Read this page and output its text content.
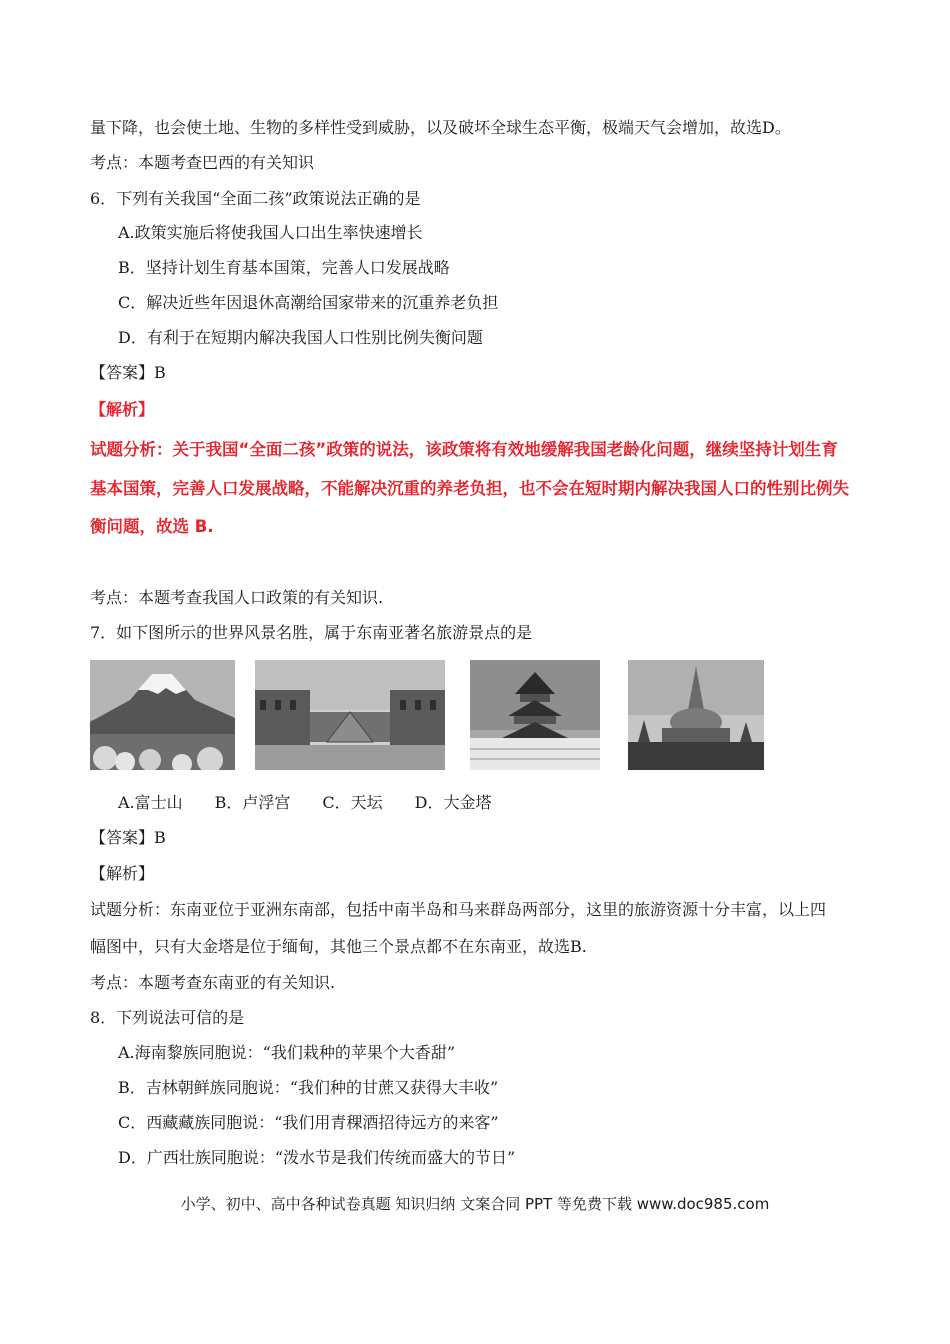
量下降，也会使土地、生物的多样性受到威胁，以及破坏全球生态平衡，极端天气会增加，故选D。
考点：本题考查巴西的有关知识
6．下列有关我国“全面二孩”政策说法正确的是
A.政策实施后将使我国人口出生率快速增长
B．坚持计划生育基本国策，完善人口发展战略
C．解决近些年因退休高潮给国家带来的沉重养老负担
D．有利于在短期内解决我国人口性别比例失衡问题
【答案】B
【解析】
试题分析：关于我国“全面二孩”政策的说法，该政策将有效地缓解我国老龄化问题，继续坚持计划生育
基本国策，完善人口发展战略，不能解决沉重的养老负担，也不会在短时期内解决我国人口的性别比例失
衡问题，故选 B.
考点：本题考查我国人口政策的有关知识.
7．如下图所示的世界风景名胜，属于东南亚著名旅游景点的是
A.富士山　　B．卢浮宫　　C．天坛　　D．大金塔
【答案】B
【解析】
试题分析：东南亚位于亚洲东南部，包括中南半岛和马来群岛两部分，这里的旅游资源十分丰富，以上四
幅图中，只有大金塔是位于缅甸，其他三个景点都不在东南亚，故选B.
考点：本题考查东南亚的有关知识.
8．下列说法可信的是
A.海南黎族同胞说：“我们栽种的苹果个大香甜”
B．吉林朝鲜族同胞说：“我们种的甘蔗又获得大丰收”
C．西藏藏族同胞说：“我们用青稞酒招待远方的来客”
D．广西壮族同胞说：“泼水节是我们传统而盛大的节日”
小学、初中、高中各种试卷真题 知识归纳 文案合同 PPT 等免费下载 www.doc985.com
